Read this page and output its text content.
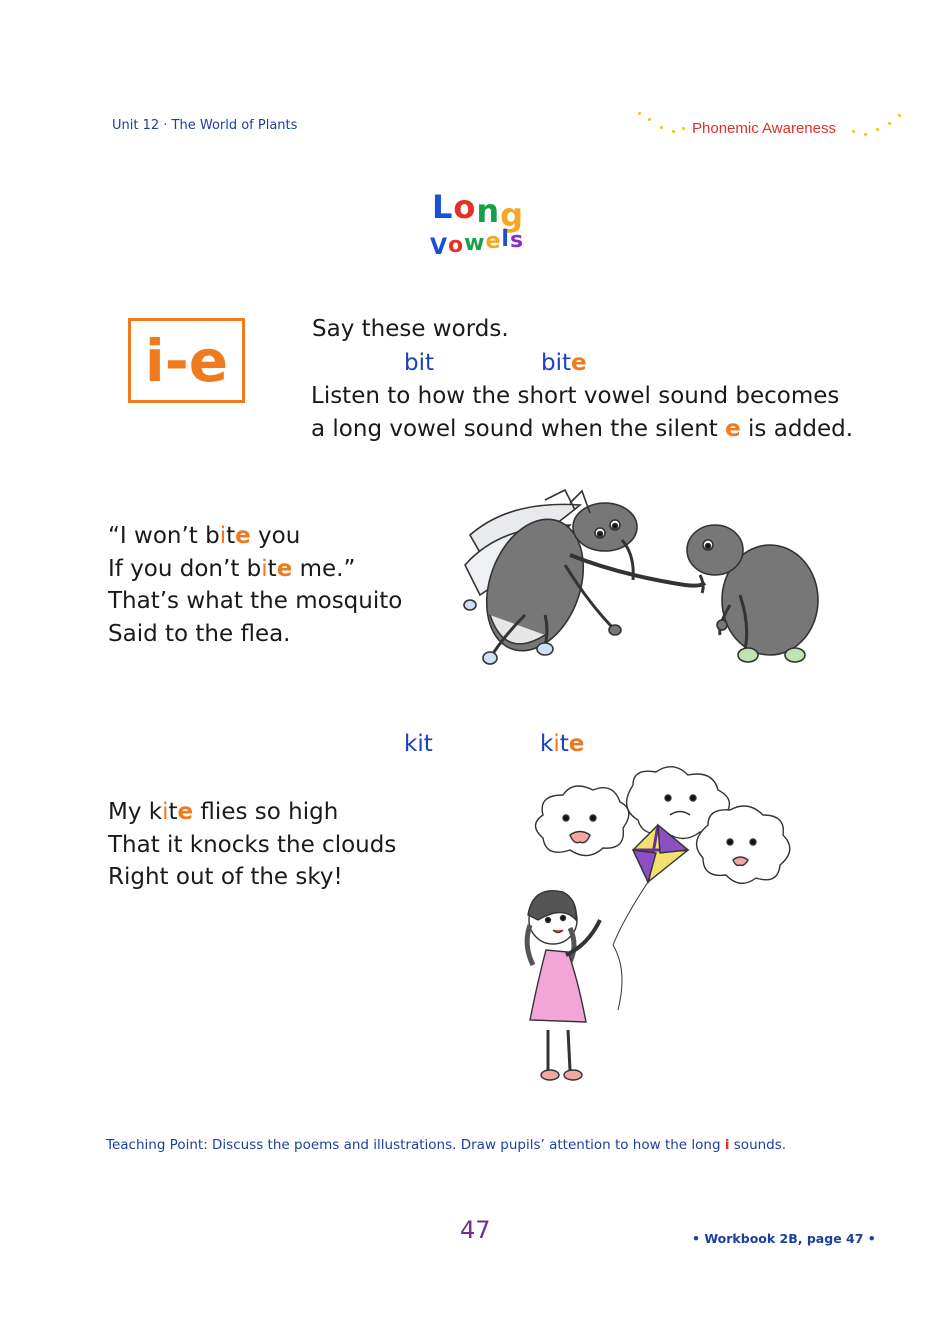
Unit 12 · The World of Plants	Phonemic Awareness
Long
Vowels
i-e	Say these words.
bit	bite
Listen to how the short vowel sound becomes
a long vowel sound when the silent e is added.
“I won’t bite you
If you don’t bite me.”
That’s what the mosquito
Said to the flea.
kit	kite
My kite flies so high
That it knocks the clouds
Right out of the sky!
Teaching Point: Discuss the poems and illustrations. Draw pupils’ attention to how the long i sounds.
47	• Workbook 2B, page 47 •
